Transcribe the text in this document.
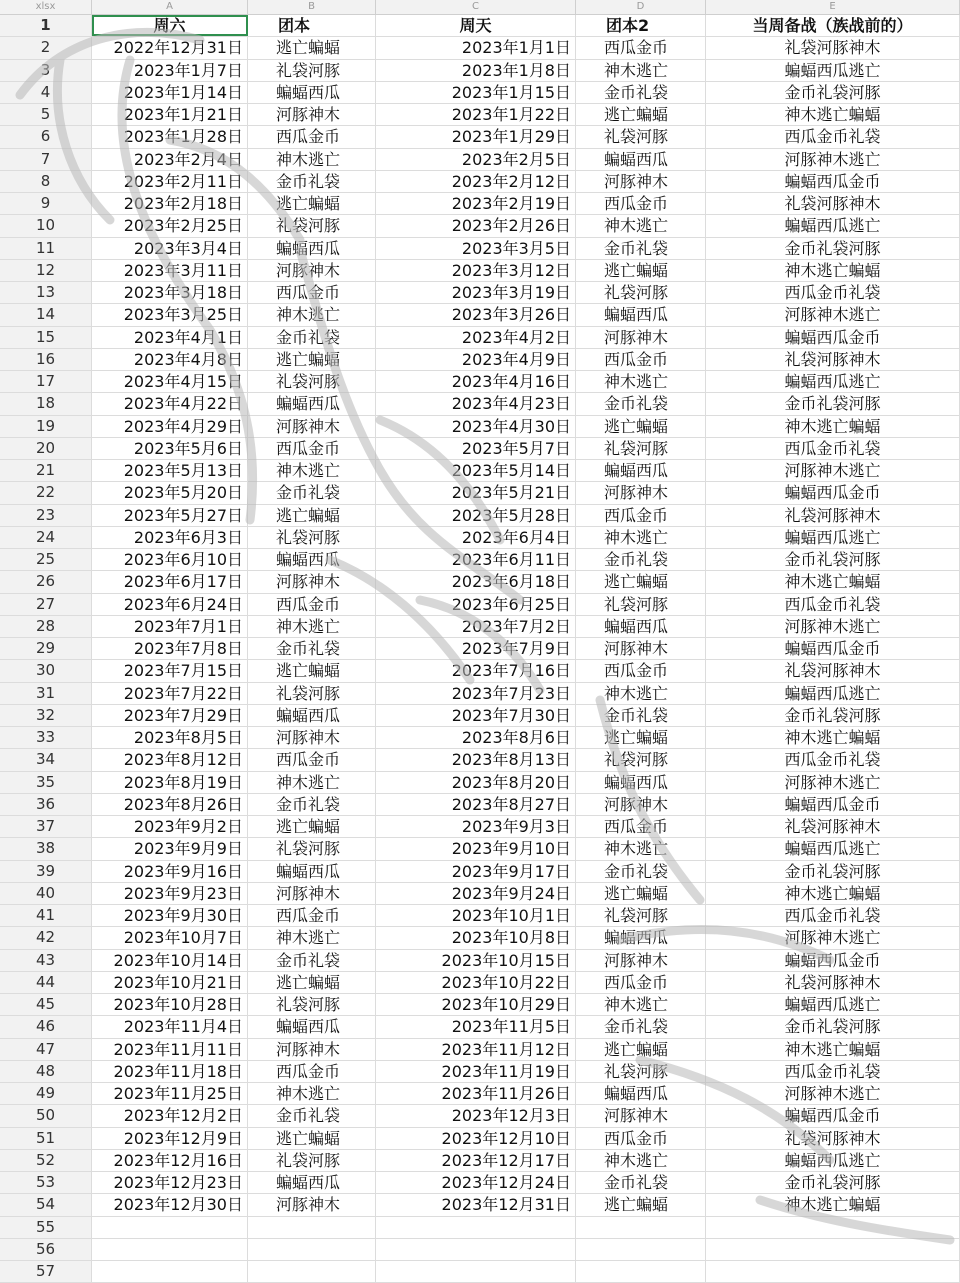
xlsx	A	B	C	D	E
1	周六	团本	周天	团本2	当周备战（族战前的）
2	2022年12月31日	逃亡蝙蝠	2023年1月1日	西瓜金币	礼袋河豚神木
3	2023年1月7日	礼袋河豚	2023年1月8日	神木逃亡	蝙蝠西瓜逃亡
4	2023年1月14日	蝙蝠西瓜	2023年1月15日	金币礼袋	金币礼袋河豚
5	2023年1月21日	河豚神木	2023年1月22日	逃亡蝙蝠	神木逃亡蝙蝠
6	2023年1月28日	西瓜金币	2023年1月29日	礼袋河豚	西瓜金币礼袋
7	2023年2月4日	神木逃亡	2023年2月5日	蝙蝠西瓜	河豚神木逃亡
8	2023年2月11日	金币礼袋	2023年2月12日	河豚神木	蝙蝠西瓜金币
9	2023年2月18日	逃亡蝙蝠	2023年2月19日	西瓜金币	礼袋河豚神木
10	2023年2月25日	礼袋河豚	2023年2月26日	神木逃亡	蝙蝠西瓜逃亡
11	2023年3月4日	蝙蝠西瓜	2023年3月5日	金币礼袋	金币礼袋河豚
12	2023年3月11日	河豚神木	2023年3月12日	逃亡蝙蝠	神木逃亡蝙蝠
13	2023年3月18日	西瓜金币	2023年3月19日	礼袋河豚	西瓜金币礼袋
14	2023年3月25日	神木逃亡	2023年3月26日	蝙蝠西瓜	河豚神木逃亡
15	2023年4月1日	金币礼袋	2023年4月2日	河豚神木	蝙蝠西瓜金币
16	2023年4月8日	逃亡蝙蝠	2023年4月9日	西瓜金币	礼袋河豚神木
17	2023年4月15日	礼袋河豚	2023年4月16日	神木逃亡	蝙蝠西瓜逃亡
18	2023年4月22日	蝙蝠西瓜	2023年4月23日	金币礼袋	金币礼袋河豚
19	2023年4月29日	河豚神木	2023年4月30日	逃亡蝙蝠	神木逃亡蝙蝠
20	2023年5月6日	西瓜金币	2023年5月7日	礼袋河豚	西瓜金币礼袋
21	2023年5月13日	神木逃亡	2023年5月14日	蝙蝠西瓜	河豚神木逃亡
22	2023年5月20日	金币礼袋	2023年5月21日	河豚神木	蝙蝠西瓜金币
23	2023年5月27日	逃亡蝙蝠	2023年5月28日	西瓜金币	礼袋河豚神木
24	2023年6月3日	礼袋河豚	2023年6月4日	神木逃亡	蝙蝠西瓜逃亡
25	2023年6月10日	蝙蝠西瓜	2023年6月11日	金币礼袋	金币礼袋河豚
26	2023年6月17日	河豚神木	2023年6月18日	逃亡蝙蝠	神木逃亡蝙蝠
27	2023年6月24日	西瓜金币	2023年6月25日	礼袋河豚	西瓜金币礼袋
28	2023年7月1日	神木逃亡	2023年7月2日	蝙蝠西瓜	河豚神木逃亡
29	2023年7月8日	金币礼袋	2023年7月9日	河豚神木	蝙蝠西瓜金币
30	2023年7月15日	逃亡蝙蝠	2023年7月16日	西瓜金币	礼袋河豚神木
31	2023年7月22日	礼袋河豚	2023年7月23日	神木逃亡	蝙蝠西瓜逃亡
32	2023年7月29日	蝙蝠西瓜	2023年7月30日	金币礼袋	金币礼袋河豚
33	2023年8月5日	河豚神木	2023年8月6日	逃亡蝙蝠	神木逃亡蝙蝠
34	2023年8月12日	西瓜金币	2023年8月13日	礼袋河豚	西瓜金币礼袋
35	2023年8月19日	神木逃亡	2023年8月20日	蝙蝠西瓜	河豚神木逃亡
36	2023年8月26日	金币礼袋	2023年8月27日	河豚神木	蝙蝠西瓜金币
37	2023年9月2日	逃亡蝙蝠	2023年9月3日	西瓜金币	礼袋河豚神木
38	2023年9月9日	礼袋河豚	2023年9月10日	神木逃亡	蝙蝠西瓜逃亡
39	2023年9月16日	蝙蝠西瓜	2023年9月17日	金币礼袋	金币礼袋河豚
40	2023年9月23日	河豚神木	2023年9月24日	逃亡蝙蝠	神木逃亡蝙蝠
41	2023年9月30日	西瓜金币	2023年10月1日	礼袋河豚	西瓜金币礼袋
42	2023年10月7日	神木逃亡	2023年10月8日	蝙蝠西瓜	河豚神木逃亡
43	2023年10月14日	金币礼袋	2023年10月15日	河豚神木	蝙蝠西瓜金币
44	2023年10月21日	逃亡蝙蝠	2023年10月22日	西瓜金币	礼袋河豚神木
45	2023年10月28日	礼袋河豚	2023年10月29日	神木逃亡	蝙蝠西瓜逃亡
46	2023年11月4日	蝙蝠西瓜	2023年11月5日	金币礼袋	金币礼袋河豚
47	2023年11月11日	河豚神木	2023年11月12日	逃亡蝙蝠	神木逃亡蝙蝠
48	2023年11月18日	西瓜金币	2023年11月19日	礼袋河豚	西瓜金币礼袋
49	2023年11月25日	神木逃亡	2023年11月26日	蝙蝠西瓜	河豚神木逃亡
50	2023年12月2日	金币礼袋	2023年12月3日	河豚神木	蝙蝠西瓜金币
51	2023年12月9日	逃亡蝙蝠	2023年12月10日	西瓜金币	礼袋河豚神木
52	2023年12月16日	礼袋河豚	2023年12月17日	神木逃亡	蝙蝠西瓜逃亡
53	2023年12月23日	蝙蝠西瓜	2023年12月24日	金币礼袋	金币礼袋河豚
54	2023年12月30日	河豚神木	2023年12月31日	逃亡蝙蝠	神木逃亡蝙蝠
55
56
57
